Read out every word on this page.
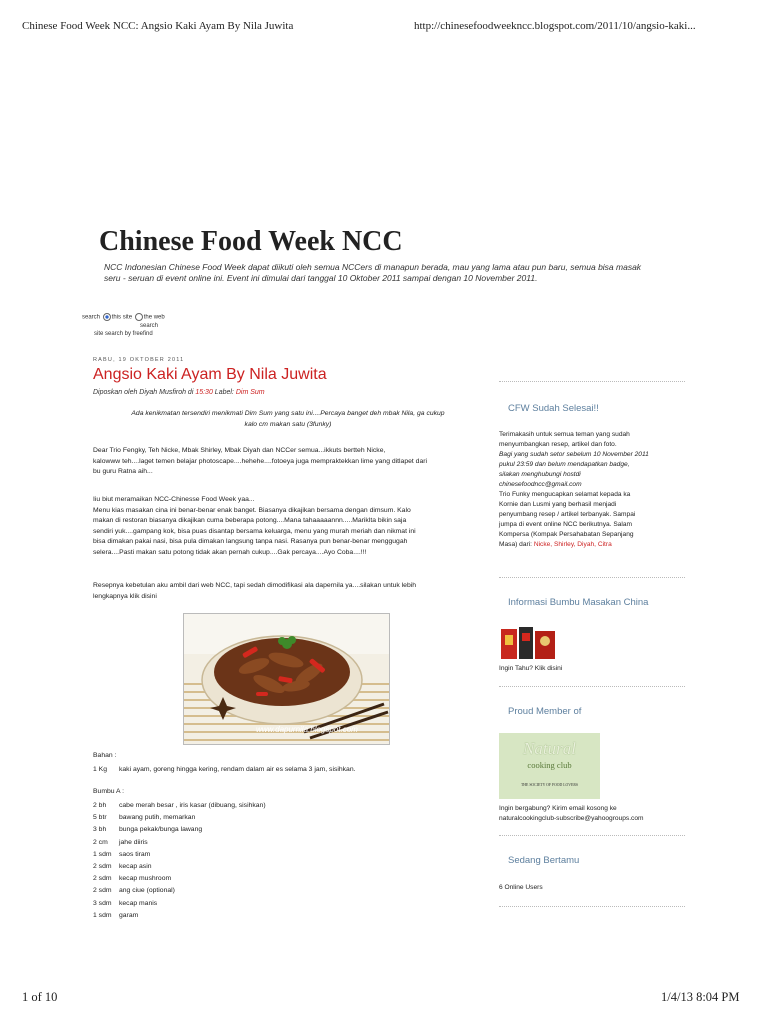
Chinese Food Week NCC: Angsio Kaki Ayam By Nila Juwita	http://chinesefoodweekncc.blogspot.com/2011/10/angsio-kaki...
Chinese Food Week NCC
NCC Indonesian Chinese Food Week dapat diikuti oleh semua NCCers di manapun berada, mau yang lama atau pun baru, semua bisa masak seru - seruan di event online ini. Event ini dimulai dari tanggal 10 Oktober 2011 sampai dengan 10 November 2011.
search this site the web
search
site search by freefind
RABU, 19 OKTOBER 2011
Angsio Kaki Ayam By Nila Juwita
Diposkan oleh Diyah Musfiroh di 15:30 Label: Dim Sum
Ada kenikmatan tersendiri menikmati Dim Sum yang satu ini....Percaya banget deh mbak Nila, ga cukup
kalo cm makan satu (3funky)
Dear Trio Fengky, Teh Nicke, Mbak Shirley, Mbak Diyah dan NCCer semua...ikkuts bertteh Nicke,
kalowww teh....laget temen belajar photoscape....hehehe....fotoeya juga mempraktekkan lime yang ditlapet dari
bu guru Ratna aih...
Iiu biut meramaikan NCC-Chinesse Food Week yaa...
Menu kias masakan cina ini benar-benar enak banget. Biasanya dikajikan bersama dengan dimsum. Kalo
makan di restoran biasanya dikajikan cuma beberapa potong....Mana tahaaaaannn.....Mariklta bikin saja
sendiri yuk....gampang kok, bisa puas disantap bersama keluarga, menu yang murah meriah dan nikmat ini
bisa dimakan pakai nasi, bisa pula dimakan langsung tanpa nasi. Rasanya pun benar-benar menggugah
selera....Pasti makan satu potong tidak akan pernah cukup....Gak percaya....Ayo Coba....!!!
Resepnya kebetulan aku ambil dari web NCC, tapi sedah dimodifikasi ala dapernila ya....silakan untuk lebih
lengkapnya klik disini
www.dapurnila.blogspot.com
Bahan :
1 Kg kaki ayam, goreng hingga kering, rendam dalam air es selama 3 jam, sisihkan.
Bumbu A :
2 bh cabe merah besar , iris kasar (dibuang, sisihkan)
5 btr bawang putih, memarkan
3 bh bunga pekak/bunga lawang
2 cm jahe diiris
1 sdm saos tiram
2 sdm kecap asin
2 sdm kecap mushroom
2 sdm ang ciue (optional)
3 sdm kecap manis
1 sdm garam
CFW Sudah Selesai!!
Terimakasih untuk semua teman yang sudah
menyumbangkan resep, artikel dan foto.
Bagi yang sudah setor sebelum 10 November 2011
pukul 23:59 dan belum mendapatkan badge,
silakan menghubungi hostdi
chinesefoodncc@gmail.com
Trio Funky mengucapkan selamat kepada ka
Kornie dan Lusmi yang berhasil menjadi
penyumbang resep / artikel terbanyak. Sampai
jumpa di event online NCC berikutnya. Salam
Kompersa (Kompak Persahabatan Sepanjang
Masa) dari: Nicke, Shirley, Diyah, Citra
Informasi Bumbu Masakan China
Ingin Tahu? Klik disini
Proud Member of
Natural
cooking club
THE SOCIETY OF FOOD LOVERS
Ingin bergabung? Kirim email kosong ke
naturalcookingclub-subscribe@yahoogroups.com
Sedang Bertamu
6 Online Users
1 of 10	1/4/13 8:04 PM
